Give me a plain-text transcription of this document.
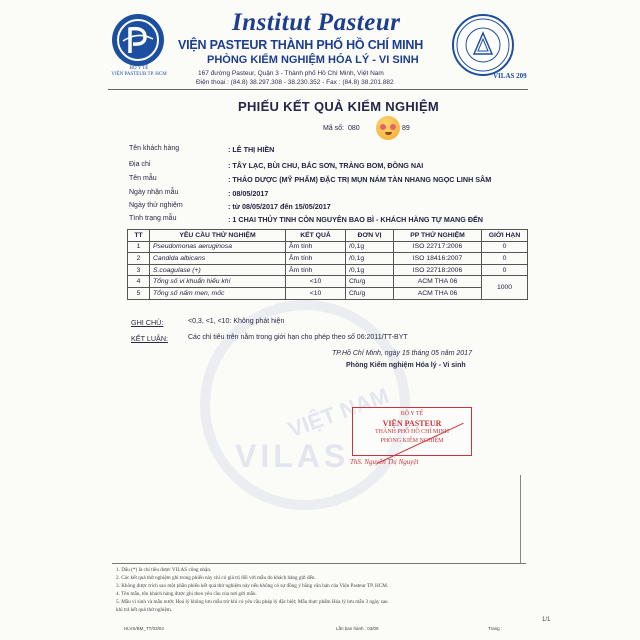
VIỆT NAM
VILAS
BỘ Y TẾ
VIỆN PASTEUR TP. HCM	VILAS 209
Institut Pasteur
VIỆN PASTEUR THÀNH PHỐ HỒ CHÍ MINH
PHÒNG KIỂM NGHIỆM HÓA LÝ - VI SINH
167 đường Pasteur, Quận 3 - Thành phố Hồ Chí Minh, Việt Nam
Điện thoại : (84.8) 38.297.308 - 38.230.352 - Fax : (84.8) 38.201.882
PHIẾU KẾT QUẢ KIỂM NGHIỆM
Mã số: 080	89
Tên khách hàng	: LÊ THỊ HIỀN
Địa chỉ	: TÂY LẠC, BÙI CHU, BẮC SƠN, TRẢNG BOM, ĐỒNG NAI
Tên mẫu	: THẢO DƯỢC (MỸ PHẨM) ĐẶC TRỊ MỤN NÁM TÀN NHANG NGỌC LINH SÂM
Ngày nhận mẫu	: 08/05/2017
Ngày thử nghiệm	: từ 08/05/2017 đến 15/05/2017
Tình trạng mẫu	: 1 CHAI THỦY TINH CÒN NGUYÊN BAO BÌ - KHÁCH HÀNG TỰ MANG ĐẾN
TT	YÊU CẦU THỬ NGHIỆM	KẾT QUẢ	ĐƠN VỊ	PP THỬ NGHIỆM	GIỚI HẠN
1	Pseudomonas aeruginosa	Âm tính	/0,1g	ISO 22717:2006	0
2	Candida albicans	Âm tính	/0,1g	ISO 18416:2007	0
3	S.coagulase (+)	Âm tính	/0,1g	ISO 22718:2006	0
4	Tổng số vi khuẩn hiếu khí	<10	Cfu/g	ACM THA 06	1000
5	Tổng số nấm men, mốc	<10	Cfu/g	ACM THA 06	
GHI CHÚ:	<0,3, <1, <10: Không phát hiện
KẾT LUẬN:	Các chỉ tiêu trên nằm trong giới hạn cho phép theo số 06:2011/TT-BYT
TP.Hồ Chí Minh, ngày 15 tháng 05 năm 2017
Phòng Kiểm nghiệm Hóa lý - Vi sinh
BỘ Y TẾ
VIỆN PASTEUR
THÀNH PHỐ HỒ CHÍ MINH
PHÒNG KIỂM NGHIỆM
ThS. Nguyễn Thị Nguyệt
1. Dấu (*) là chỉ tiêu được VILAS công nhận.
2. Các kết quả thử nghiệm ghi trong phiếu này chỉ có giá trị đối với mẫu do khách hàng gửi đến.
3. Không được trích sao một phần phiếu kết quả thử nghiệm này nếu không có sự đồng ý bằng văn bản của Viện Pasteur TP. HCM.
4. Tên mẫu, tên khách hàng được ghi theo yêu cầu của nơi gửi mẫu.
5. Mẫu vi sinh và mẫu nước Hoá lý không lưu mẫu trừ khi có yêu cầu pháp lý đặc biệt; Mẫu thực phẩm Hóa lý lưu mẫu 3 ngày sau
khi trả kết quả thử nghiệm.
HLVS/BM_TT/03/04	Lần ban hành : 03/09	Trang :
1/1
